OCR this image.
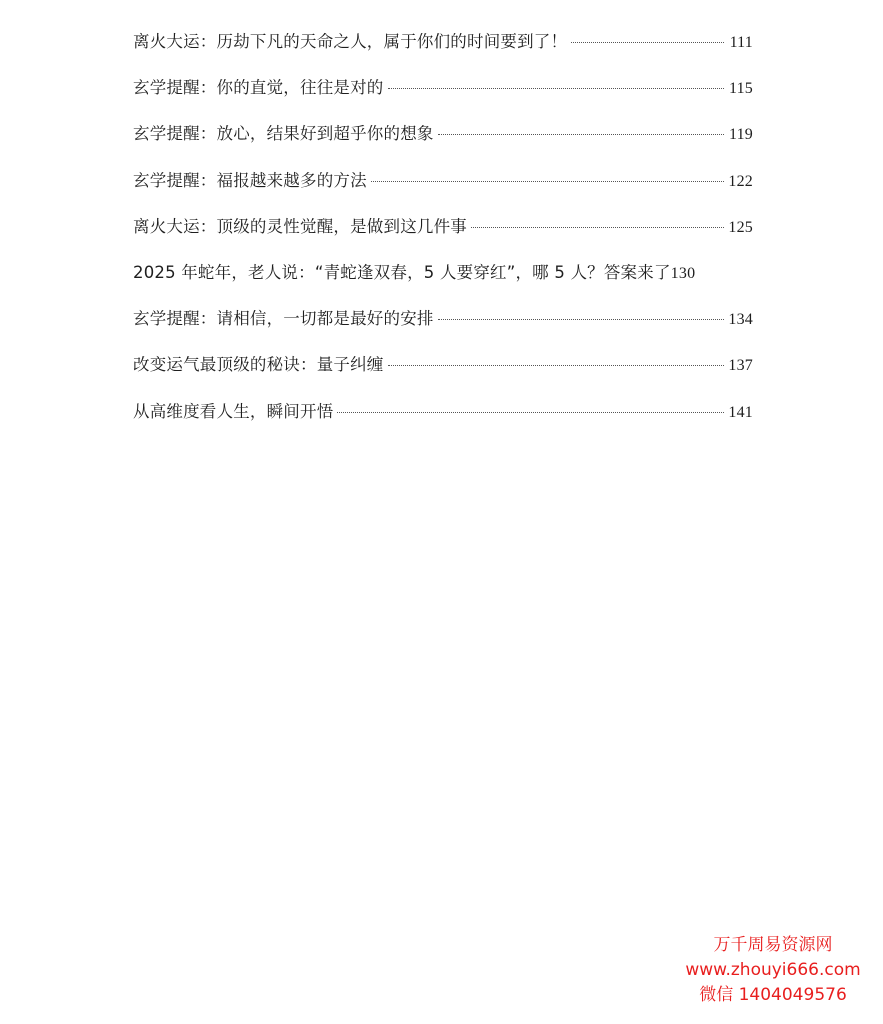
离火大运：历劫下凡的天命之人，属于你们的时间要到了！	111
玄学提醒：你的直觉，往往是对的	115
玄学提醒：放心，结果好到超乎你的想象	119
玄学提醒：福报越来越多的方法	122
离火大运：顶级的灵性觉醒，是做到这几件事	125
2025 年蛇年，老人说：“青蛇逢双春，5 人要穿红”，哪 5 人？答案来了 130
玄学提醒：请相信，一切都是最好的安排	134
改变运气最顶级的秘诀：量子纠缠	137
从高维度看人生，瞬间开悟	141
万千周易资源网
www.zhouyi666.com
微信 1404049576
